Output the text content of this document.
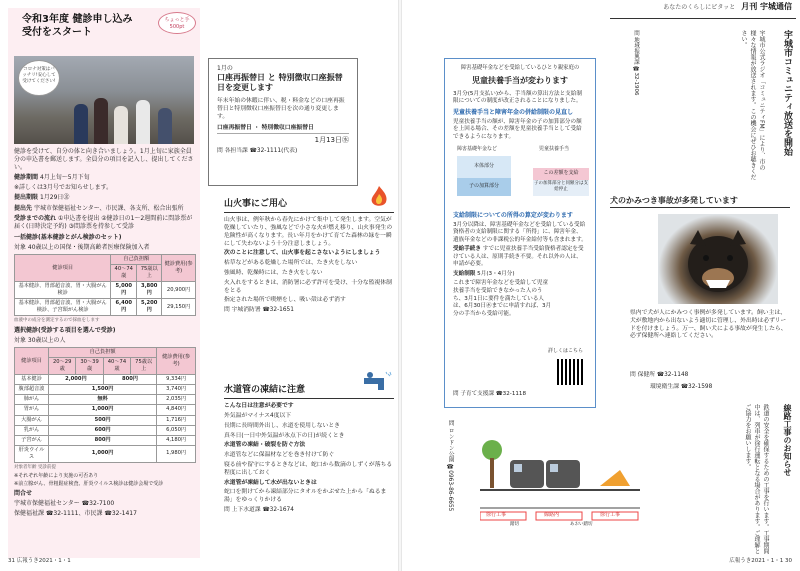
ちょっと手 500pt
令和3年度 健診申し込み受付をスタート
コロナ対策はバッチリ!安心して受けてください!

健診を受けて、自分の体と向き合いましょう。1月上旬に家族全員分の申込書を郵送します。全員分の項目を記入し、提出してください。

健診期間 4月上旬～5月下旬

※詳しくは3月号でお知らせします。

提出期限 1月29日㊎

提出先 宇城市保健福祉センター、市民課、各支所、松合出張所

受診までの流れ ①申込書を提出 ②健診日の1～2週間前に問診票が届く(日時決定予約) ③問診票を持参して受診

一括健診(基本健診とがん検診のセット)

対象 40歳以上の国保・後期高齢者医療保険加入者

健診項目	自己負担額		健診費用(参考)
	40～74歳	75歳以上	
基本健診、胃部超音波、胃・大腸がん検診	5,000円	3,800円	20,900円
基本健診、胃部超音波、胃・大腸がん検診、子宮頸がん検診	6,400円	5,200円	29,150円

血液中の成分を測定するので採血をします

選択健診(受診する項目を選んで受診)

対象 30歳以上の人

健診項目	自己負担額				健診費用(参考)
	20～29歳	30～39歳	40～74歳	75歳以上	
基本健診	2,000円		800円		9,334円
腹部超音波	1,500円				3,740円
肺がん	無料				2,035円
胃がん	1,000円				4,840円
大腸がん	500円				1,716円
乳がん	600円				6,050円
子宮がん	800円				4,180円
肝炎ウイルス	1,000円				1,980円

対象者年齢 受診前提

※それぞれ年齢により実施の可否あり

※前立腺がん、骨粗鬆症検査、肝炎ウイルス検診は健診会場で受診

問合せ

宇城市保健福祉センター ☎32-7100

保健福祉課 ☎32-1111、市民課 ☎32-1417

1月の

口座再振替日 と 特別徴収口座振替日を変更します

年末年始の休暇に伴い、税・料金などの口座再振替日と特別徴収口座振替日を次の通り変更します。

口座再振替日 ・ 特別徴収口座振替日

1月13日㊌

問 各担当課 ☎32-1111(代表)

山火事にご用心

山火事は、例年秋から春先にかけて集中して発生します。空気が乾燥していたり、強風などで小さな火が燃え移り、山火事発生の危険性が高くなります。長い年月をかけて育てた森林の緑を一瞬にして失わないよう十分注意しましょう。

次のことに注意して、山火事を起こさないようにしましょう

枯草などがある乾燥した場所では、たき火をしない

強風時、乾燥時には、たき火をしない

火入れをするときは、消防署に必ず許可を受け、十分な監視体制をとる

指定された場所で喫煙をし、吸い殻は必ず消す

問 宇城消防署 ☎32-1651

水道管の凍結に注意

こんな日は注意が必要です

外気温がマイナス4度以下

長期に長時間外出し、水道を使用しないとき

真冬日(一日中外気温が氷点下の日)が続くとき

水道管の凍結・破裂を防ぐ方法

水道管などに保温材などを巻き付けて防ぐ

寝る前や留守にするときなどは、蛇口から数滴のしずくが落ちる程度に出しておく

水道管が凍結して水が出ないときは

蛇口を開けてから凍結部分にタオルをかぶせた上から「ぬるま湯」をゆっくりかける

問 上下水道課 ☎32-1674

31 広報うき2021・1・1

障害基礎年金などを受給しているひとり親家庭の

児童扶養手当が変わります

3月分(5月支払い)から、手当額の算出方法と支給制限についての制度が改正されることになりました。

児童扶養手当と障害年金の併給制限の見直し

児童扶養手当の額が、障害年金の子の加算部分の額を上回る場合、その差額を児童扶養手当として受給できるようになります。

障害基礎年金など	児童扶養手当
本体部分
子の加算部分
この差額を支給
子の加算部分と同額分は支給停止

支給制限についての所得の算定が変わります

3月分以降は、障害基礎年金などを受給している受給資格者の支給制限に関する「所得」に、障害年金、遺族年金などの非課税公的年金給付等も含まれます。

受給手続き すでに児童扶養手当受給資格者認定を受けている人は、原則手続き不要。それ以外の人は、申請が必要。

支給制限 5月(3・4月分)

これまで障害年金などを受給して児童扶養手当を受給できなかった人のうち、3月1日に要件を満たしている人は、6月30日㊌までに申請すれば、3月分の手当から受給可能。

詳しくはこちら

問 子育て支援課 ☎32-1118

問 ロンドン公園 ☎0963-86-6655
徐行工事	線路内	徐行工事
踏切	あおい踏切
あなたのくらしにピタッと 月刊 宇城通信
宇城市コミュニティ放送を開始
宇城市公式ラジオ「コミュニティFM」により、市の様々な情報が放送されます。この機会にぜひお聴きください。
問 地域振興課 ☎32-1906
犬のかみつき事故が多発しています
県内で犬が人にかみつく事例が多発しています。飼い主は、犬が敷地内から出ないよう適切に管理し、外出時は必ずリードを付けましょう。万一、飼い犬による事故が発生したら、必ず保健所へ連絡してください。
問 保健所 ☎32-1148
環境衛生課 ☎32-1598
線路工事のお知らせ
鉄道の安全を確保するための工事を行います。工事期間中は、列車が徐行運転となる場合があります。ご理解とご協力をお願いします。
広報うき2021・1・1 30
